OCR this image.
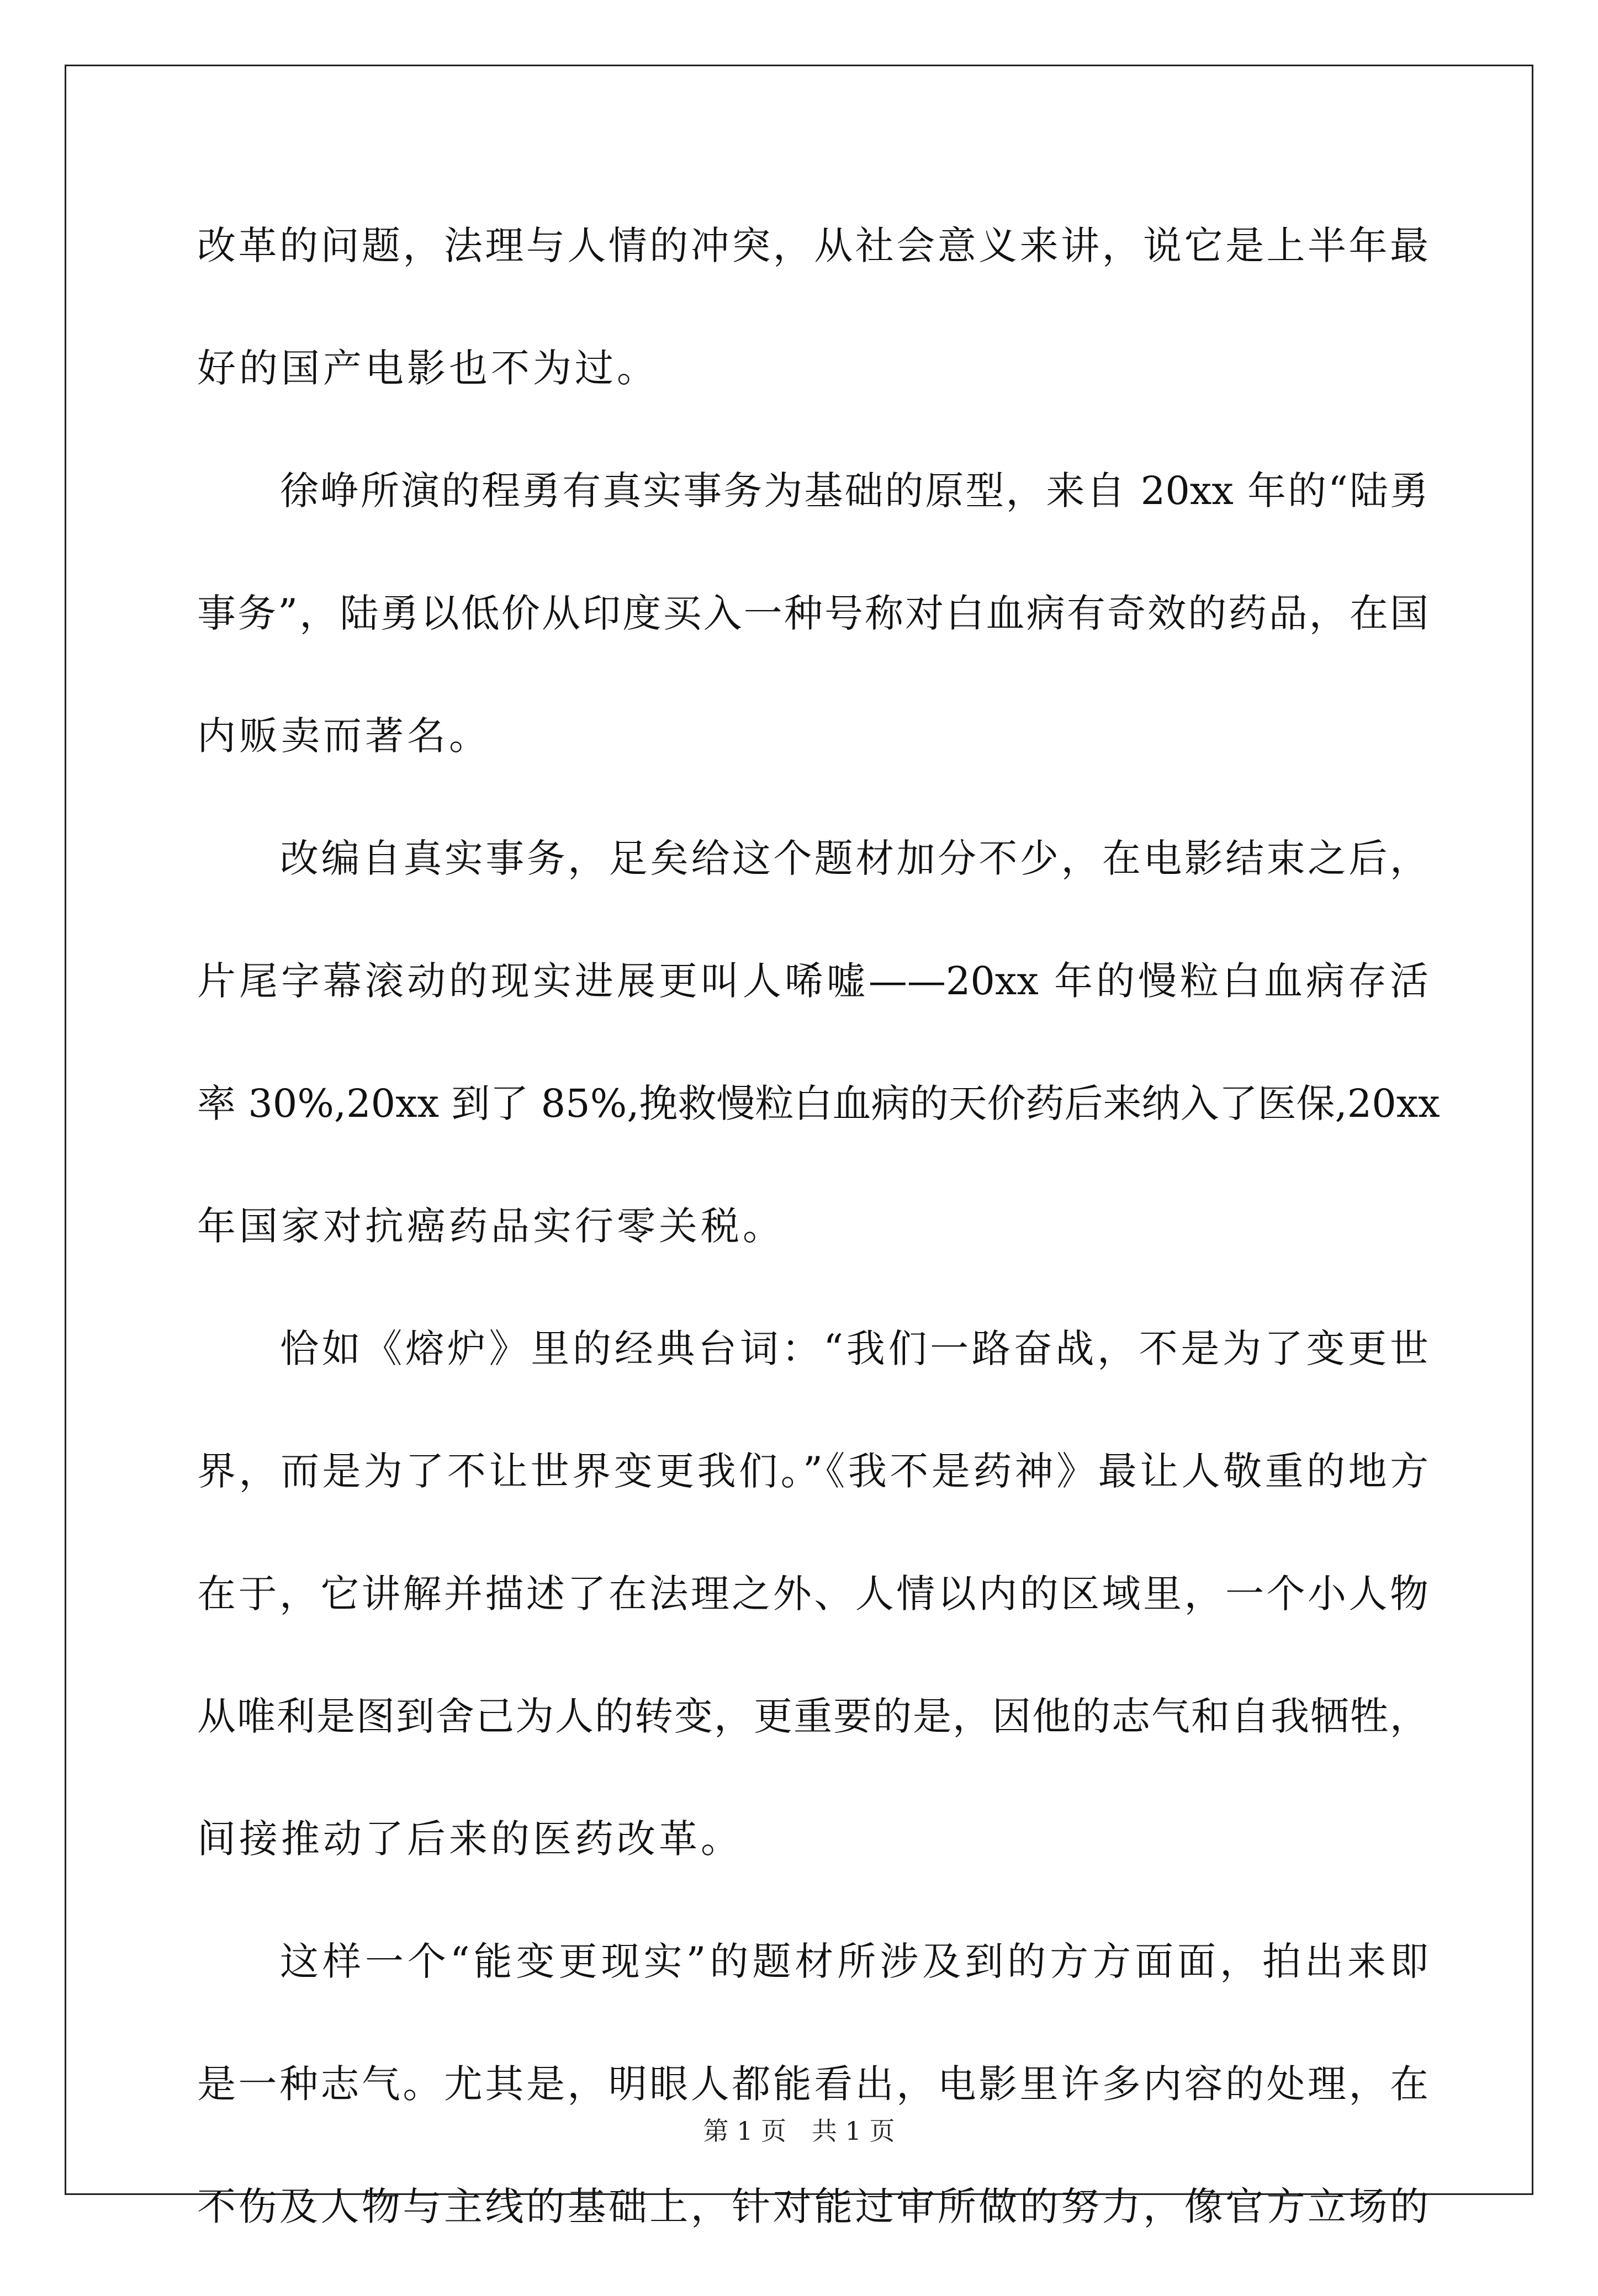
改革的问题，法理与人情的冲突，从社会意义来讲，说它是上半年最
好的国产电影也不为过。
徐峥所演的程勇有真实事务为基础的原型，来自 20xx 年的“陆勇
事务”，陆勇以低价从印度买入一种号称对白血病有奇效的药品，在国
内贩卖而著名。
改编自真实事务，足矣给这个题材加分不少，在电影结束之后，
片尾字幕滚动的现实进展更叫人唏嘘——20xx 年的慢粒白血病存活
率 30%,20xx 到了 85%,挽救慢粒白血病的天价药后来纳入了医保,20xx
年国家对抗癌药品实行零关税。
恰如《熔炉》里的经典台词：“我们一路奋战，不是为了变更世
界，而是为了不让世界变更我们。”《我不是药神》最让人敬重的地方
在于，它讲解并描述了在法理之外、人情以内的区域里，一个小人物
从唯利是图到舍己为人的转变，更重要的是，因他的志气和自我牺牲，
间接推动了后来的医药改革。
这样一个“能变更现实”的题材所涉及到的方方面面，拍出来即
是一种志气。尤其是，明眼人都能看出，电影里许多内容的处理，在
不伤及人物与主线的基础上，针对能过审所做的努力，像官方立场的
第 1 页　共 1 页
